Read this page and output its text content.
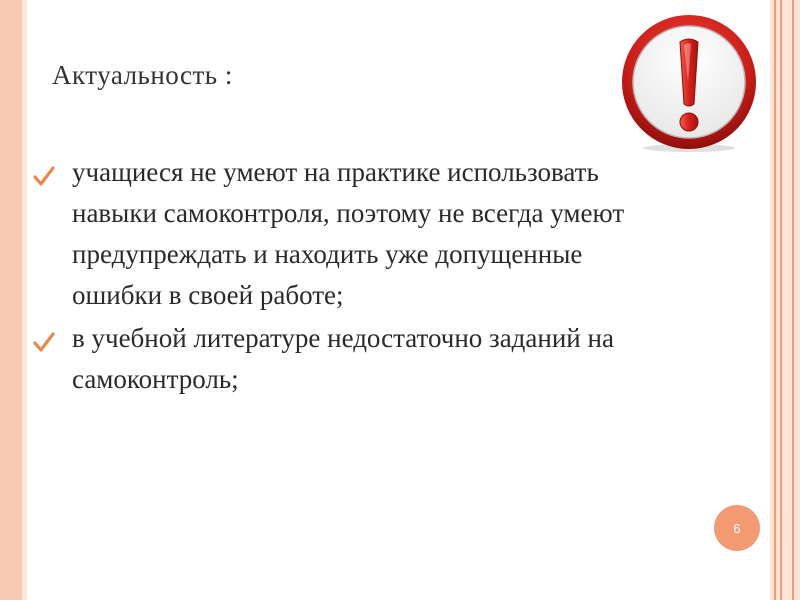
Актуальность :
учащиеся не умеют на практике использовать навыки самоконтроля, поэтому не всегда умеют предупреждать и находить уже допущенные ошибки в своей работе;
в учебной литературе недостаточно заданий на самоконтроль;
6
